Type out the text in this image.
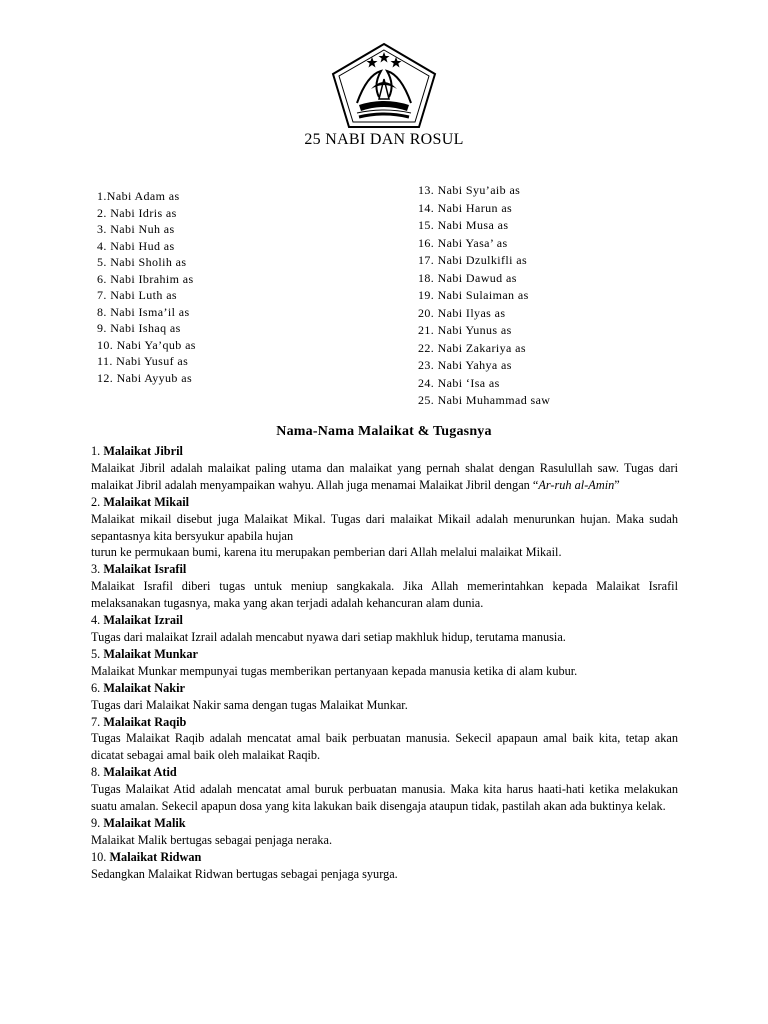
25 NABI DAN ROSUL
1.Nabi Adam as
2. Nabi Idris as
3. Nabi Nuh as
4. Nabi Hud as
5. Nabi Sholih as
6. Nabi Ibrahim as
7. Nabi Luth as
8. Nabi Isma’il as
9. Nabi Ishaq as
10. Nabi Ya’qub as
11. Nabi Yusuf as
12. Nabi Ayyub as
13. Nabi Syu’aib as
14. Nabi Harun as
15. Nabi Musa as
16. Nabi Yasa’ as
17. Nabi Dzulkifli as
18. Nabi Dawud as
19. Nabi Sulaiman as
20. Nabi Ilyas as
21. Nabi Yunus as
22. Nabi Zakariya as
23. Nabi Yahya as
24. Nabi ‘Isa as
25. Nabi Muhammad saw
Nama-Nama Malaikat & Tugasnya

1. Malaikat Jibril

Malaikat Jibril adalah malaikat paling utama dan malaikat yang pernah shalat dengan Rasulullah saw. Tugas dari malaikat Jibril adalah menyampaikan wahyu. Allah juga menamai Malaikat Jibril dengan “Ar-ruh al-Amin”

2. Malaikat Mikail

Malaikat mikail disebut juga Malaikat Mikal. Tugas dari malaikat Mikail adalah menurunkan hujan. Maka sudah sepantasnya kita bersyukur apabila hujan

turun ke permukaan bumi, karena itu merupakan pemberian dari Allah melalui malaikat Mikail.

3. Malaikat Israfil

Malaikat Israfil diberi tugas untuk meniup sangkakala. Jika Allah memerintahkan kepada Malaikat Israfil melaksanakan tugasnya, maka yang akan terjadi adalah kehancuran alam dunia.

4. Malaikat Izrail

Tugas dari malaikat Izrail adalah mencabut nyawa dari setiap makhluk hidup, terutama manusia.

5. Malaikat Munkar

Malaikat Munkar mempunyai tugas memberikan pertanyaan kepada manusia ketika di alam kubur.

6. Malaikat Nakir

Tugas dari Malaikat Nakir sama dengan tugas Malaikat Munkar.

7. Malaikat Raqib

Tugas Malaikat Raqib adalah mencatat amal baik perbuatan manusia. Sekecil apapaun amal baik kita, tetap akan dicatat sebagai amal baik oleh malaikat Raqib.

8. Malaikat Atid

Tugas Malaikat Atid adalah mencatat amal buruk perbuatan manusia. Maka kita harus haati-hati ketika melakukan suatu amalan. Sekecil apapun dosa yang kita lakukan baik disengaja ataupun tidak, pastilah akan ada buktinya kelak.

9. Malaikat Malik

Malaikat Malik bertugas sebagai penjaga neraka.

10. Malaikat Ridwan

Sedangkan Malaikat Ridwan bertugas sebagai penjaga syurga.
